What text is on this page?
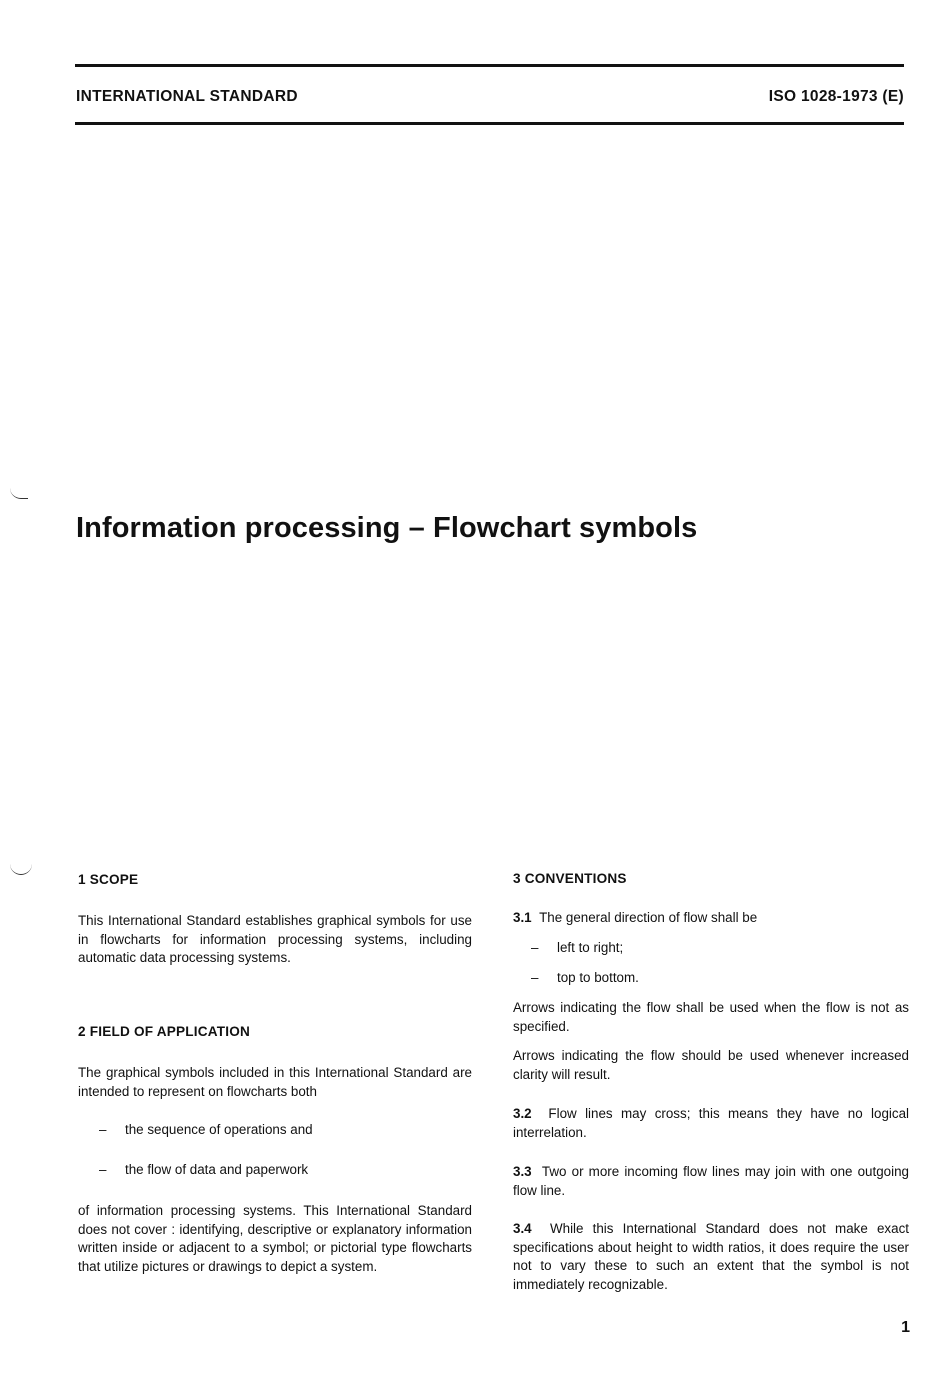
INTERNATIONAL STANDARD	ISO 1028-1973 (E)
Information processing – Flowchart symbols
1 SCOPE
This International Standard establishes graphical symbols for use in flowcharts for information processing systems, including automatic data processing systems.
2 FIELD OF APPLICATION
The graphical symbols included in this International Standard are intended to represent on flowcharts both
– the sequence of operations and
– the flow of data and paperwork
of information processing systems. This International Standard does not cover : identifying, descriptive or explanatory information written inside or adjacent to a symbol; or pictorial type flowcharts that utilize pictures or drawings to depict a system.
3 CONVENTIONS
3.1 The general direction of flow shall be
– left to right;
– top to bottom.
Arrows indicating the flow shall be used when the flow is not as specified.
Arrows indicating the flow should be used whenever increased clarity will result.
3.2 Flow lines may cross; this means they have no logical interrelation.
3.3 Two or more incoming flow lines may join with one outgoing flow line.
3.4 While this International Standard does not make exact specifications about height to width ratios, it does require the user not to vary these to such an extent that the symbol is not immediately recognizable.
1
